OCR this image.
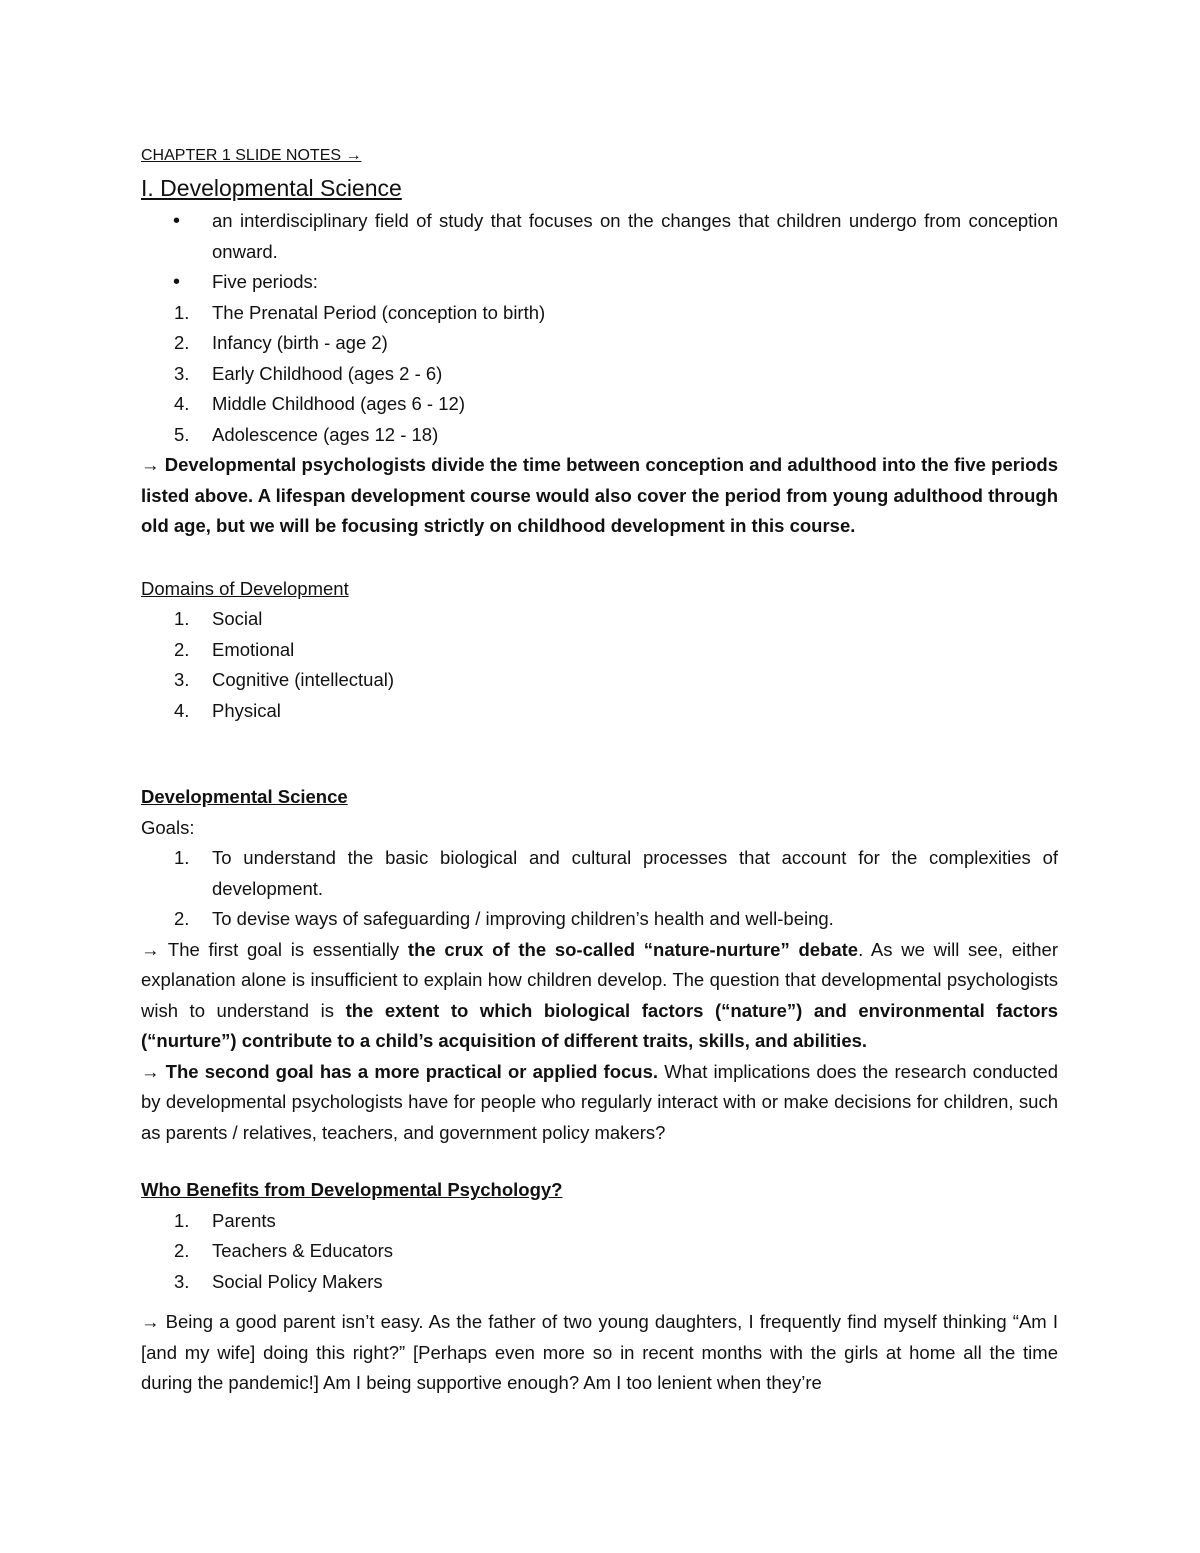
CHAPTER 1 SLIDE NOTES →

I. Developmental Science
• an interdisciplinary field of study that focuses on the changes that children undergo from conception onward.
• Five periods:
1. The Prenatal Period (conception to birth)
2. Infancy (birth - age 2)
3. Early Childhood (ages 2 - 6)
4. Middle Childhood (ages 6 - 12)
5. Adolescence (ages 12 - 18)

→ Developmental psychologists divide the time between conception and adulthood into the five periods listed above. A lifespan development course would also cover the period from young adulthood through old age, but we will be focusing strictly on childhood development in this course.

Domains of Development

1. Social
2. Emotional
3. Cognitive (intellectual)
4. Physical

Developmental Science

Goals:

1. To understand the basic biological and cultural processes that account for the complexities of development.
2. To devise ways of safeguarding / improving children’s health and well-being.

→ The first goal is essentially the crux of the so-called “nature-nurture” debate. As we will see, either explanation alone is insufficient to explain how children develop. The question that developmental psychologists wish to understand is the extent to which biological factors (“nature”) and environmental factors (“nurture”) contribute to a child’s acquisition of different traits, skills, and abilities.

→ The second goal has a more practical or applied focus. What implications does the research conducted by developmental psychologists have for people who regularly interact with or make decisions for children, such as parents / relatives, teachers, and government policy makers?

Who Benefits from Developmental Psychology?

1. Parents
2. Teachers & Educators
3. Social Policy Makers

→ Being a good parent isn’t easy. As the father of two young daughters, I frequently find myself thinking “Am I [and my wife] doing this right?” [Perhaps even more so in recent months with the girls at home all the time during the pandemic!] Am I being supportive enough? Am I too lenient when they’re
